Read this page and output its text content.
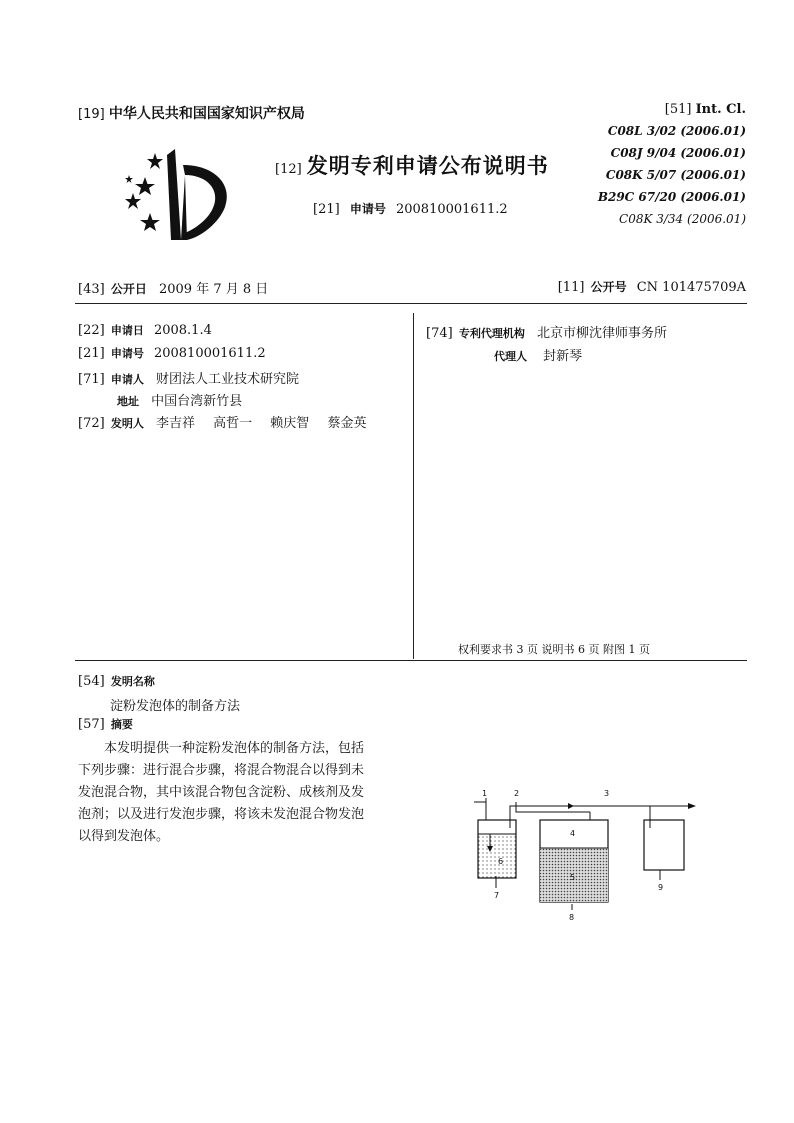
[19] 中华人民共和国国家知识产权局
[12] 发明专利申请公布说明书
[21] 申请号 200810001611.2
[51] Int. Cl.
C08L 3/02 (2006.01)
C08J 9/04 (2006.01)
C08K 5/07 (2006.01)
B29C 67/20 (2006.01)
C08K 3/34 (2006.01)
[43] 公开日 2009 年 7 月 8 日	[11] 公开号 CN 101475709A
[22] 申请日 2008.1.4
[21] 申请号 200810001611.2
[71] 申请人 财团法人工业技术研究院
地址 中国台湾新竹县
[72] 发明人 李吉祥 高哲一 赖庆智 蔡金英
[74] 专利代理机构 北京市柳沈律师事务所
代理人 封新琴
权利要求书 3 页 说明书 6 页 附图 1 页
[54] 发明名称
淀粉发泡体的制备方法
[57] 摘要

本发明提供一种淀粉发泡体的制备方法，包括

下列步骤：进行混合步骤，将混合物混合以得到未

发泡混合物，其中该混合物包含淀粉、成核剂及发

泡剂；以及进行发泡步骤，将该未发泡混合物发泡

以得到发泡体。

1	2	3
4
5
6
7
8
9
